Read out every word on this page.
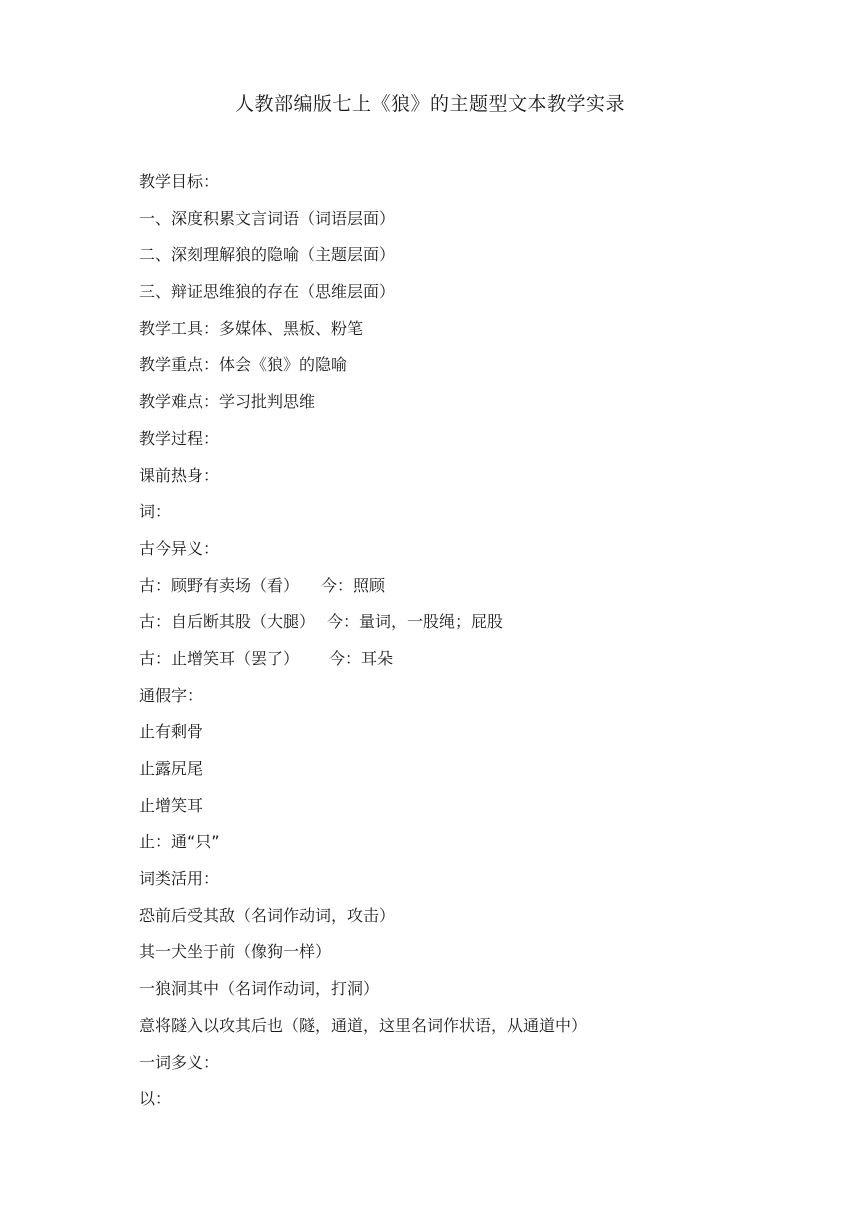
人教部编版七上《狼》的主题型文本教学实录
教学目标：
一、深度积累文言词语（词语层面）
二、深刻理解狼的隐喻（主题层面）
三、辩证思维狼的存在（思维层面）
教学工具：多媒体、黑板、粉笔
教学重点：体会《狼》的隐喻
教学难点：学习批判思维
教学过程：
课前热身：
词：
古今异义：
古：顾野有卖场（看） 今：照顾
古：自后断其股（大腿） 今：量词，一股绳；屁股
古：止增笑耳（罢了） 今：耳朵
通假字：
止有剩骨
止露尻尾
止增笑耳
止：通“只”
词类活用：
恐前后受其敌（名词作动词，攻击）
其一犬坐于前（像狗一样）
一狼洞其中（名词作动词，打洞）
意将隧入以攻其后也（隧，通道，这里名词作状语，从通道中）
一词多义：
以：
